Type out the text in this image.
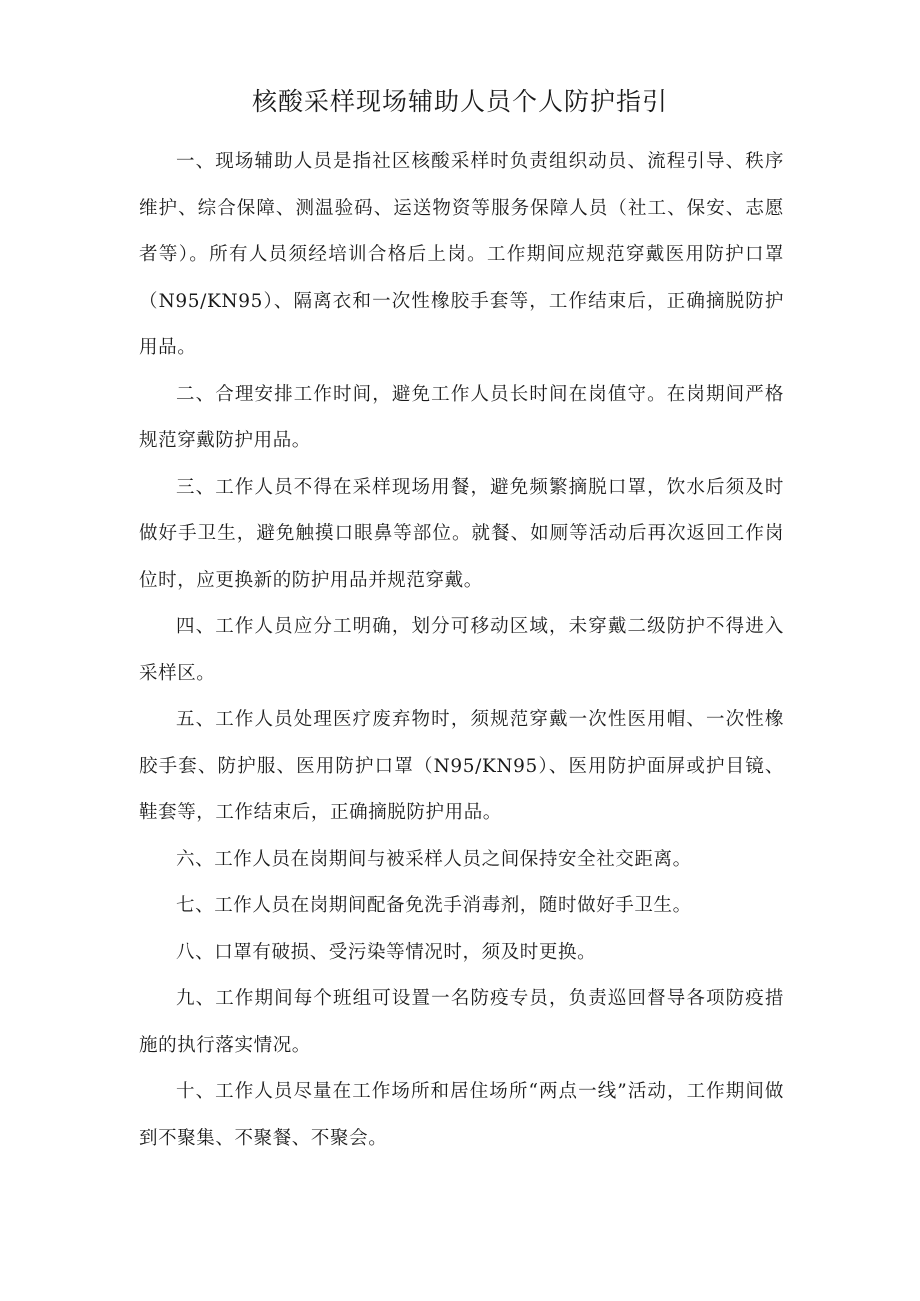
核酸采样现场辅助人员个人防护指引

一、现场辅助人员是指社区核酸采样时负责组织动员、流程引导、秩序维护、综合保障、测温验码、运送物资等服务保障人员（社工、保安、志愿者等）。所有人员须经培训合格后上岗。工作期间应规范穿戴医用防护口罩（N95/KN95）、隔离衣和一次性橡胶手套等，工作结束后，正确摘脱防护用品。

二、合理安排工作时间，避免工作人员长时间在岗值守。在岗期间严格规范穿戴防护用品。

三、工作人员不得在采样现场用餐，避免频繁摘脱口罩，饮水后须及时做好手卫生，避免触摸口眼鼻等部位。就餐、如厕等活动后再次返回工作岗位时，应更换新的防护用品并规范穿戴。

四、工作人员应分工明确，划分可移动区域，未穿戴二级防护不得进入采样区。

五、工作人员处理医疗废弃物时，须规范穿戴一次性医用帽、一次性橡胶手套、防护服、医用防护口罩（N95/KN95）、医用防护面屏或护目镜、鞋套等，工作结束后，正确摘脱防护用品。

六、工作人员在岗期间与被采样人员之间保持安全社交距离。

七、工作人员在岗期间配备免洗手消毒剂，随时做好手卫生。

八、口罩有破损、受污染等情况时，须及时更换。

九、工作期间每个班组可设置一名防疫专员，负责巡回督导各项防疫措施的执行落实情况。

十、工作人员尽量在工作场所和居住场所“两点一线”活动，工作期间做到不聚集、不聚餐、不聚会。
